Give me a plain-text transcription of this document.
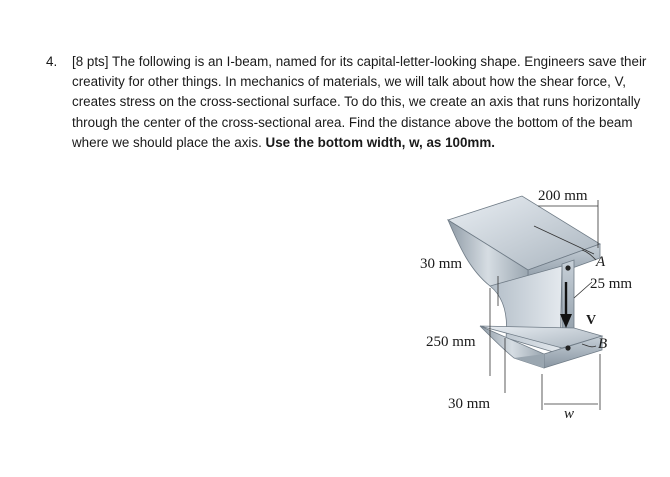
4. [8 pts] The following is an I-beam, named for its capital-letter-looking shape. Engineers save their creativity for other things. In mechanics of materials, we will talk about how the shear force, V, creates stress on the cross-sectional surface. To do this, we create an axis that runs horizontally through the center of the cross-sectional area. Find the distance above the bottom of the beam where we should place the axis. Use the bottom width, w, as 100mm.
200 mm
30 mm	A
25 mm
V
B
250 mm
30 mm
w
